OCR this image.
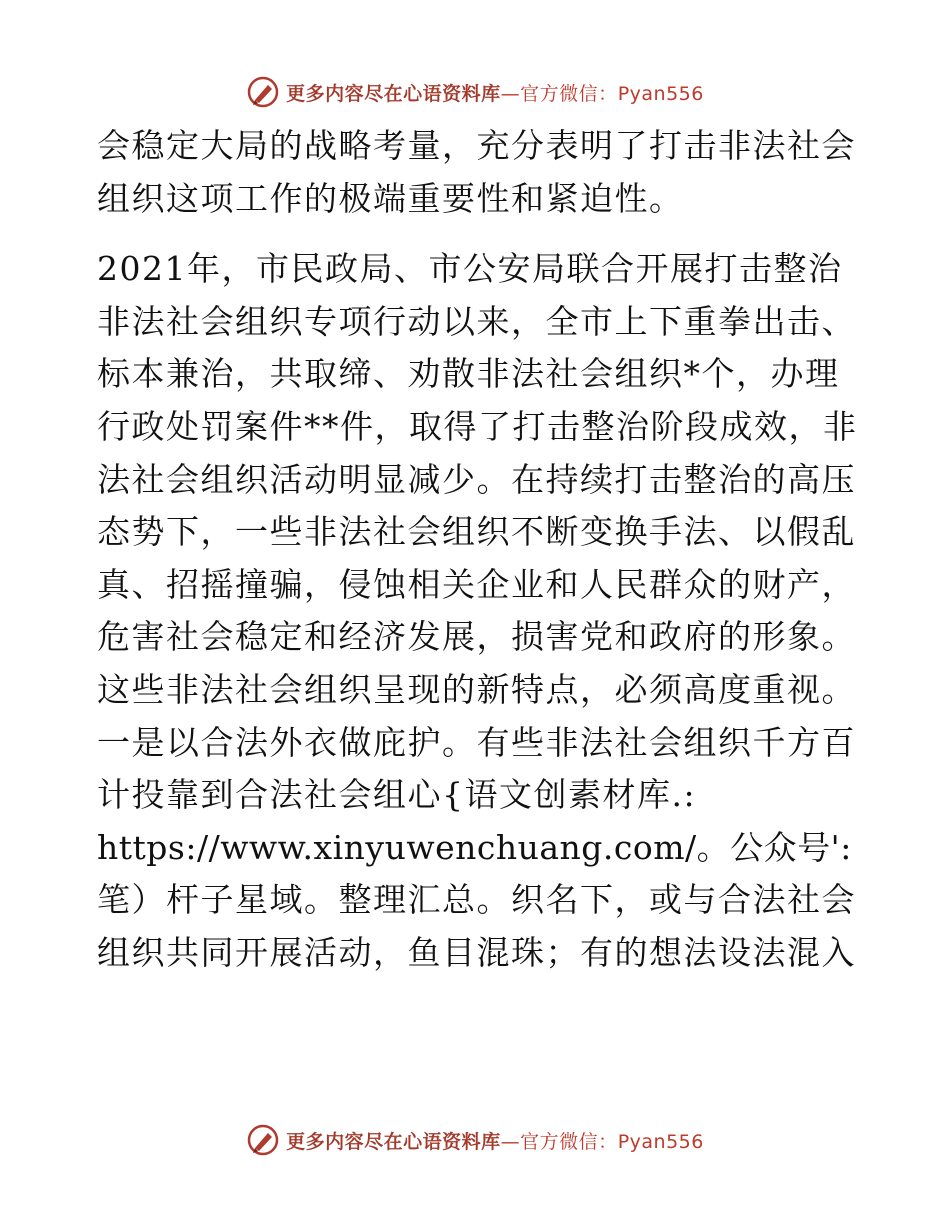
更多内容尽在心语资料库—官方微信：Pyan556
会稳定大局的战略考量，充分表明了打击非法社会
组织这项工作的极端重要性和紧迫性。
2021年，市民政局、市公安局联合开展打击整治
非法社会组织专项行动以来，全市上下重拳出击、
标本兼治，共取缔、劝散非法社会组织*个，办理
行政处罚案件**件，取得了打击整治阶段成效，非
法社会组织活动明显减少。在持续打击整治的高压
态势下，一些非法社会组织不断变换手法、以假乱
真、招摇撞骗，侵蚀相关企业和人民群众的财产，
危害社会稳定和经济发展，损害党和政府的形象。
这些非法社会组织呈现的新特点，必须高度重视。
一是以合法外衣做庇护。有些非法社会组织千方百
计投靠到合法社会组心{语文创素材库.:
https://www.xinyuwenchuang.com/。公众号':
笔）杆子星域。整理汇总。织名下，或与合法社会
组织共同开展活动，鱼目混珠；有的想法设法混入
更多内容尽在心语资料库—官方微信：Pyan556
